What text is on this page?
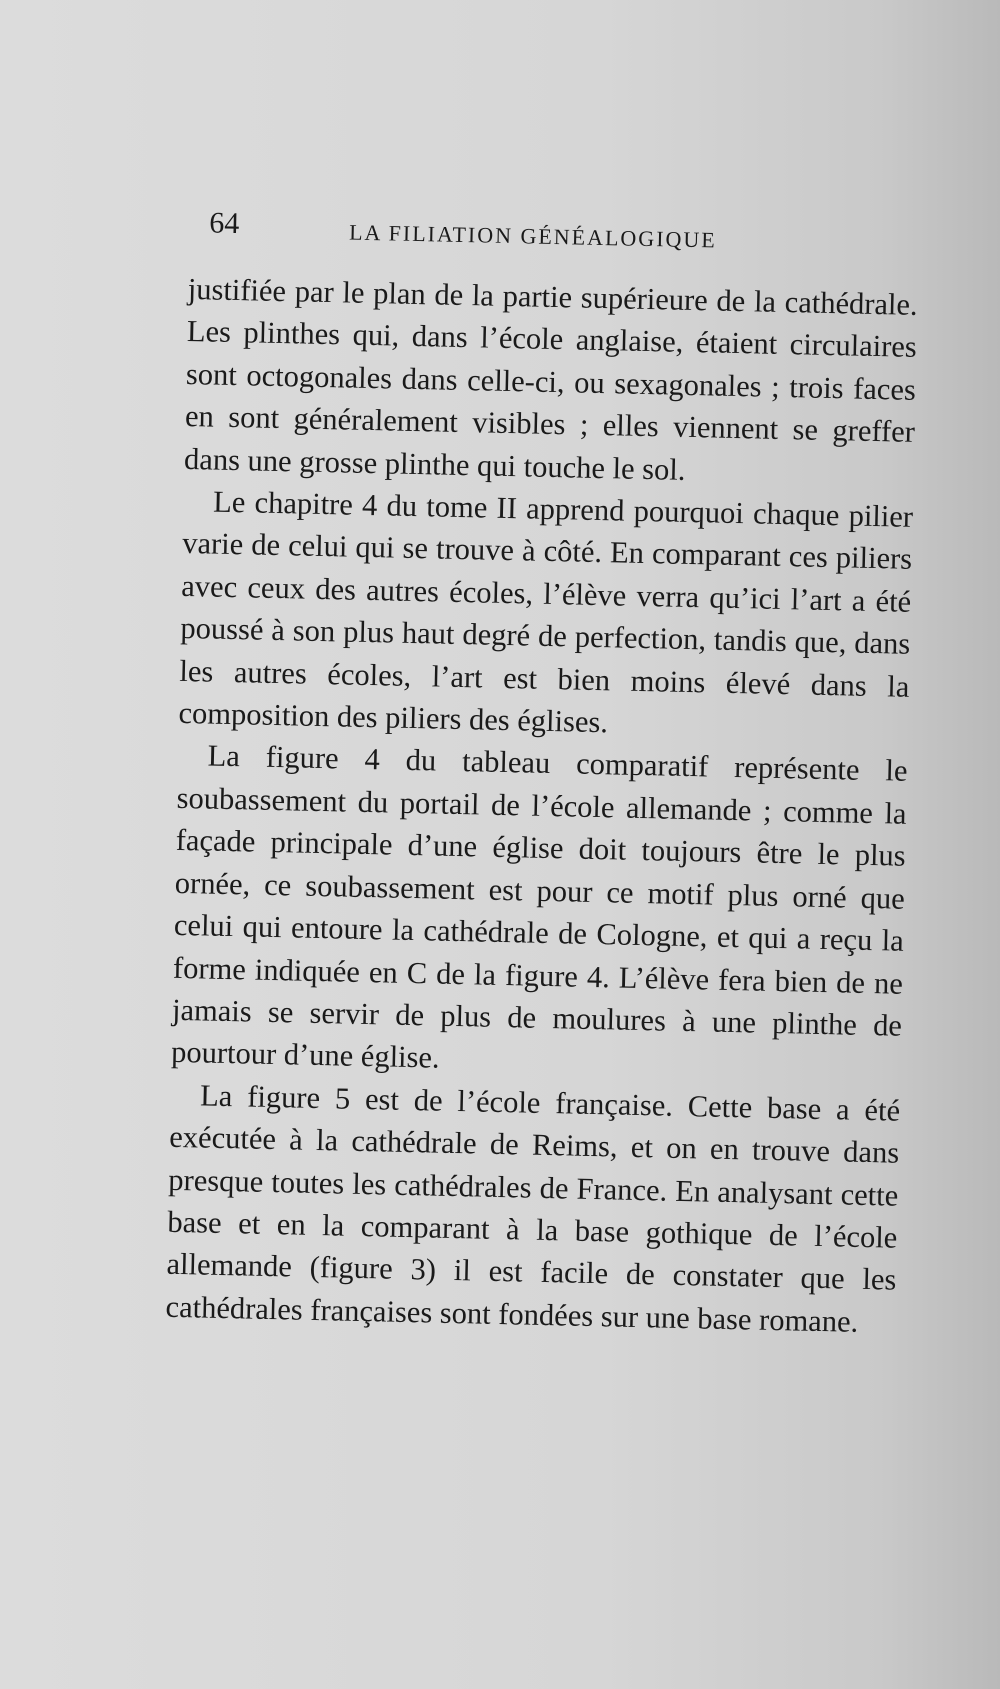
64	LA FILIATION GÉNÉALOGIQUE

justifiée par le plan de la partie supérieure de la cathédrale. Les plinthes qui, dans l’école anglaise, étaient circulaires sont octogonales dans celle-ci, ou sexagonales ; trois faces en sont généralement visibles ; elles viennent se greffer dans une grosse plinthe qui touche le sol.

Le chapitre 4 du tome II apprend pourquoi chaque pilier varie de celui qui se trouve à côté. En comparant ces piliers avec ceux des autres écoles, l’élève verra qu’ici l’art a été poussé à son plus haut degré de perfection, tandis que, dans les autres écoles, l’art est bien moins élevé dans la composition des piliers des églises.

La figure 4 du tableau comparatif représente le soubassement du portail de l’école allemande ; comme la façade principale d’une église doit toujours être le plus ornée, ce soubassement est pour ce motif plus orné que celui qui entoure la cathédrale de Cologne, et qui a reçu la forme indiquée en C de la figure 4. L’élève fera bien de ne jamais se servir de plus de moulures à une plinthe de pourtour d’une église.

La figure 5 est de l’école française. Cette base a été exécutée à la cathédrale de Reims, et on en trouve dans presque toutes les cathédrales de France. En analysant cette base et en la comparant à la base gothique de l’école allemande (figure 3) il est facile de constater que les cathédrales françaises sont fondées sur une base romane.
